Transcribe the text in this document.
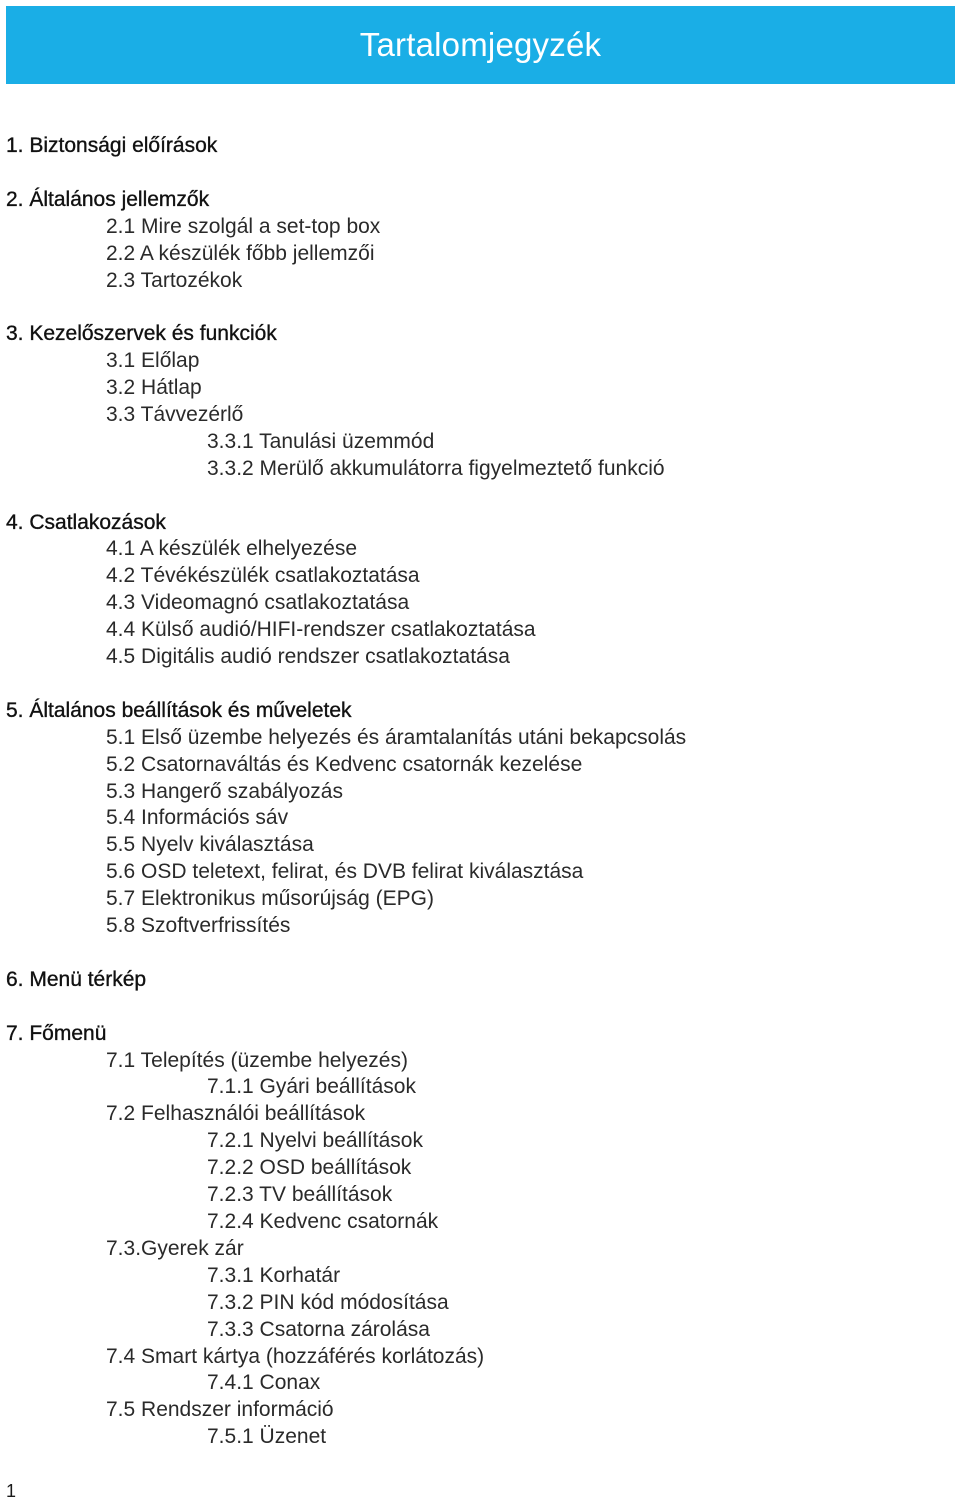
Tartalomjegyzék
1. Biztonsági előírások
2. Általános jellemzők
2.1 Mire szolgál a set-top box
2.2 A készülék főbb jellemzői
2.3 Tartozékok
3. Kezelőszervek és funkciók
3.1 Előlap
3.2 Hátlap
3.3 Távvezérlő
3.3.1 Tanulási üzemmód
3.3.2 Merülő akkumulátorra figyelmeztető funkció
4. Csatlakozások
4.1 A készülék elhelyezése
4.2 Tévékészülék csatlakoztatása
4.3 Videomagnó csatlakoztatása
4.4 Külső audió/HIFI-rendszer csatlakoztatása
4.5 Digitális audió rendszer csatlakoztatása
5. Általános beállítások és műveletek
5.1 Első üzembe helyezés és áramtalanítás utáni bekapcsolás
5.2 Csatornaváltás és Kedvenc csatornák kezelése
5.3 Hangerő szabályozás
5.4 Információs sáv
5.5 Nyelv kiválasztása
5.6 OSD teletext, felirat, és DVB felirat kiválasztása
5.7 Elektronikus műsorújság (EPG)
5.8 Szoftverfrissítés
6. Menü térkép
7. Főmenü
7.1 Telepítés (üzembe helyezés)
7.1.1 Gyári beállítások
7.2 Felhasználói beállítások
7.2.1 Nyelvi beállítások
7.2.2 OSD beállítások
7.2.3 TV beállítások
7.2.4 Kedvenc csatornák
7.3.Gyerek zár
7.3.1 Korhatár
7.3.2 PIN kód módosítása
7.3.3 Csatorna zárolása
7.4 Smart kártya (hozzáférés korlátozás)
7.4.1 Conax
7.5 Rendszer információ
7.5.1 Üzenet
1
